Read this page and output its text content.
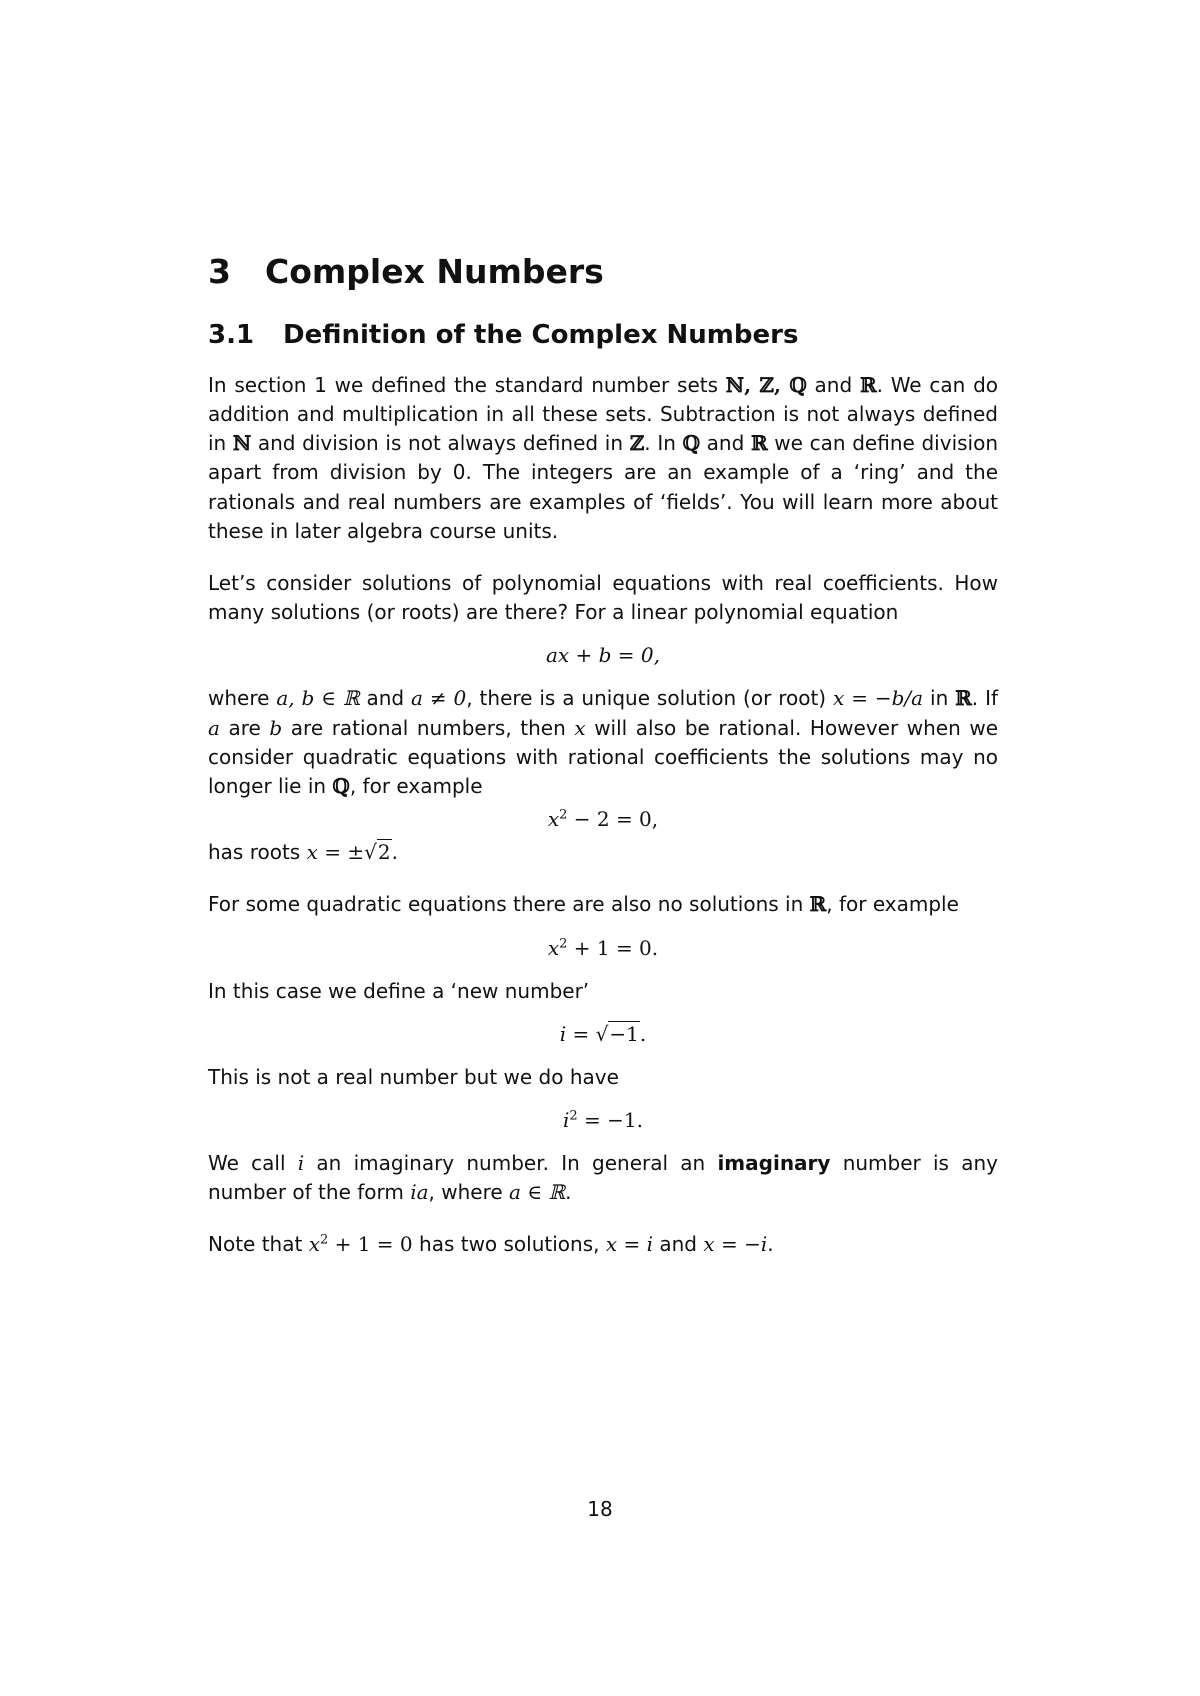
3 Complex Numbers
3.1 Definition of the Complex Numbers

In section 1 we defined the standard number sets ℕ, ℤ, ℚ and ℝ. We can do addition and multiplication in all these sets. Subtraction is not always defined in ℕ and division is not always defined in ℤ. In ℚ and ℝ we can define division apart from division by 0. The integers are an example of a ‘ring’ and the rationals and real numbers are examples of ‘fields’. You will learn more about these in later algebra course units.

Let’s consider solutions of polynomial equations with real coefficients. How many solutions (or roots) are there? For a linear polynomial equation

ax + b = 0,

where a, b ∈ ℝ and a ≠ 0, there is a unique solution (or root) x = −b/a in ℝ. If a are b are rational numbers, then x will also be rational. However when we consider quadratic equations with rational coefficients the solutions may no longer lie in ℚ, for example

$x^2 - 2 = 0$,

has roots x = ±√2.

For some quadratic equations there are also no solutions in ℝ, for example

$x^2 + 1 = 0$.

In this case we define a ‘new number’

i = √−1.

This is not a real number but we do have

$i^2 = -1$.

We call i an imaginary number. In general an imaginary number is any number of the form ia, where a ∈ ℝ.

Note that $x^2 + 1 = 0$ has two solutions, x = i and x = −i.

18
